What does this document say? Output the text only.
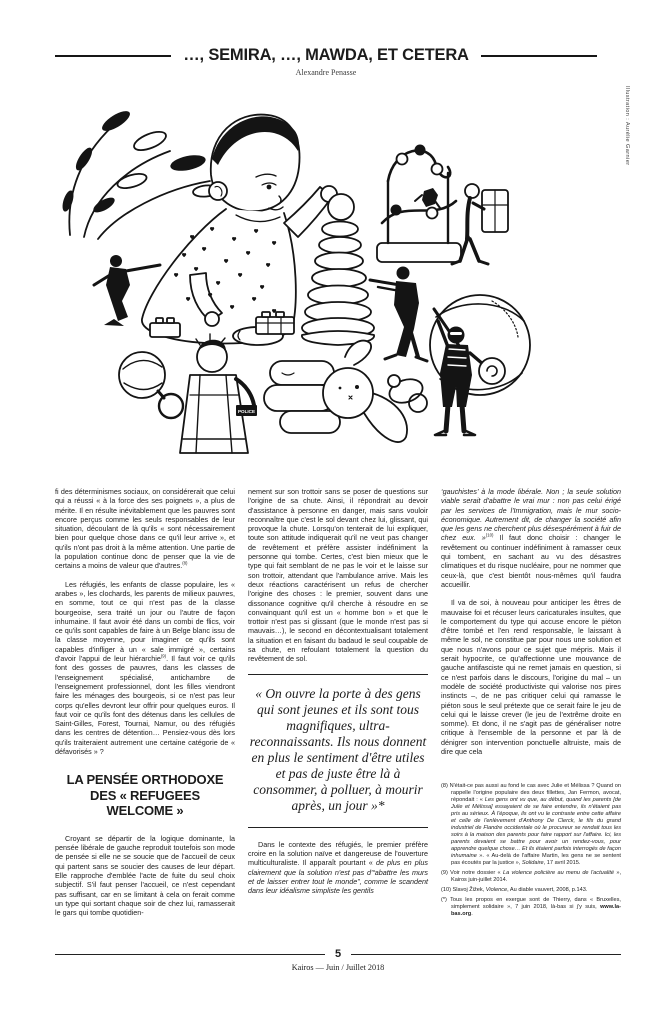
…, SEMIRA, …, MAWDA, ET CETERA
Alexandre Penasse
Illustration : Aurélie Garnier
POLICE

fi des déterminismes sociaux, on considérerait que celui qui a réussi « à la force des ses poignets », a plus de mérite. Il en résulte inévitablement que les pauvres sont encore perçus comme les seuls responsables de leur situation, découlant de là qu'ils « sont nécessairement bien pour quelque chose dans ce qu'il leur arrive », et qu'ils n'ont pas droit à la même attention. Une partie de la population continue donc de penser que la vie de certains a moins de valeur que d'autres.$^{(8)}$

Les réfugiés, les enfants de classe populaire, les « arabes », les clochards, les parents de milieux pauvres, en somme, tout ce qui n'est pas de la classe bourgeoise, sera traité un jour ou l'autre de façon inhumaine. Il faut avoir été dans un combi de flics, voir ce qu'ils sont capables de faire à un Belge blanc issu de la classe moyenne, pour imaginer ce qu'ils sont capables d'infliger à un « sale immigré », certains d'avoir l'appui de leur hiérarchie$^{(9)}$. Il faut voir ce qu'ils font des gosses de pauvres, dans les classes de l'enseignement spécialisé, antichambre de l'enseignement professionnel, dont les filles viendront faire les ménages des bourgeois, si ce n'est pas leur corps qu'elles devront leur offrir pour quelques euros. Il faut voir ce qu'ils font des détenus dans les cellules de Saint-Gilles, Forest, Tournai, Namur, ou des réfugiés dans les centres de détention… Pensiez-vous dès lors qu'ils traiteraient autrement une certaine catégorie de « défavorisés » ?

LA PENSÉE ORTHODOXE DES « REFUGEES WELCOME »

Croyant se départir de la logique dominante, la pensée libérale de gauche reproduit toutefois son mode de pensée si elle ne se soucie que de l'accueil de ceux qui partent sans se soucier des causes de leur départ. Elle rapproche d'emblée l'acte de fuite du seul choix subjectif. S'il faut penser l'accueil, ce n'est cependant pas suffisant, car en se limitant à cela on ferait comme un type qui sortant chaque soir de chez lui, ramasserait le gars qui tombe quotidien-

nement sur son trottoir sans se poser de questions sur l'origine de sa chute. Ainsi, il répondrait au devoir d'assistance à personne en danger, mais sans vouloir reconnaître que c'est le sol devant chez lui, glissant, qui provoque la chute. Lorsqu'on tenterait de lui expliquer, toute son attitude indiquerait qu'il ne veut pas changer de revêtement et préfère assister indéfiniment la personne qui tombe. Certes, c'est bien mieux que le type qui fait semblant de ne pas le voir et le laisse sur son trottoir, attendant que l'ambulance arrive. Mais les deux réactions caractérisent un refus de chercher l'origine des choses : le premier, souvent dans une dissonance cognitive qu'il cherche à résoudre en se convainquant qu'il est un « homme bon » et que le trottoir n'est pas si glissant (que le monde n'est pas si mauvais…), le second en décontextualisant totalement la situation et en faisant du badaud le seul coupable de sa chute, en refoulant totalement la question du revêtement de sol.

« On ouvre la porte à des gens qui sont jeunes et ils sont tous magnifiques, ultra-reconnaissants. Ils nous donnent en plus le sentiment d'être utiles et pas de juste être là à consommer, à polluer, à mourir après, un jour »*

Dans le contexte des réfugiés, le premier préfère croire en la solution naïve et dangereuse de l'ouverture multiculturaliste. Il apparaît pourtant « de plus en plus clairement que la solution n'est pas d'“abattre les murs et de laisser entrer tout le monde”, comme le scandent dans leur idéalisme simpliste les gentils

‘gauchistes’ à la mode libérale. Non ; la seule solution viable serait d'abattre le vrai mur : non pas celui érigé par les services de l'Immigration, mais le mur socio-économique. Autrement dit, de changer la société afin que les gens ne cherchent plus désespérément à fuir de chez eux. »$^{(10)}$ Il faut donc choisir : changer le revêtement ou continuer indéfiniment à ramasser ceux qui tombent, en sachant au vu des désastres climatiques et du risque nucléaire, pour ne nommer que ceux-là, que c'est bientôt nous-mêmes qu'il faudra accueillir.

Il va de soi, à nouveau pour anticiper les êtres de mauvaise foi et récuser leurs caricaturales insultes, que le comportement du type qui accuse encore le piéton d'être tombé et l'en rend responsable, le laissant à même le sol, ne constitue par pour nous une solution et que nous n'avons pour ce sujet que mépris. Mais il serait hypocrite, ce qu'affectionne une mouvance de gauche antifasciste qui ne remet jamais en question, si ce n'est parfois dans le discours, l'origine du mal – un modèle de société productiviste qui valorise nos pires instincts –, de ne pas critiquer celui qui ramasse le piéton sous le seul prétexte que ce serait faire le jeu de celui qui le laisse crever (le jeu de l'extrême droite en somme). Et donc, il ne s'agit pas de généraliser notre critique à l'ensemble de la personne et par là de dénigrer son intervention ponctuelle altruiste, mais de dire que cela

(8) N'était-ce pas aussi au fond le cas avec Julie et Mélissa ? Quand on rappelle l'origine populaire des deux fillettes, Jan Fermon, avocat, répondait : « Les gens ont vu que, au début, quand les parents [de Julie et Mélissa] essayaient de se faire entendre, ils n'étaient pas pris au sérieux. À l'époque, ils ont vu le contraste entre cette affaire et celle de l'enlèvement d'Anthony De Clerck, le fils du grand industriel de Flandre occidentale où le procureur se rendait tous les soirs à la maison des parents pour faire rapport sur l'affaire. Ici, les parents devaient se battre pour avoir un rendez-vous, pour apprendre quelque chose… Et ils étaient parfois interrogés de façon inhumaine ». « Au-delà de l'affaire Martin, les gens ne se sentent pas écoutés par la justice », Solidaire, 17 avril 2015.

(9) Voir notre dossier « La violence policière au menu de l'actualité », Kairos juin-juillet 2014.

(10) Slavoj Žižek, Violence, Au diable vauvert, 2008, p.143.

(*) Tous les propos en exergue sont de Thierry, dans « Bruxelles, simplement solidaire », 7 juin 2018, là-bas si j'y suis, www.la-bas.org.

5
Kairos — Juin / Juillet 2018
